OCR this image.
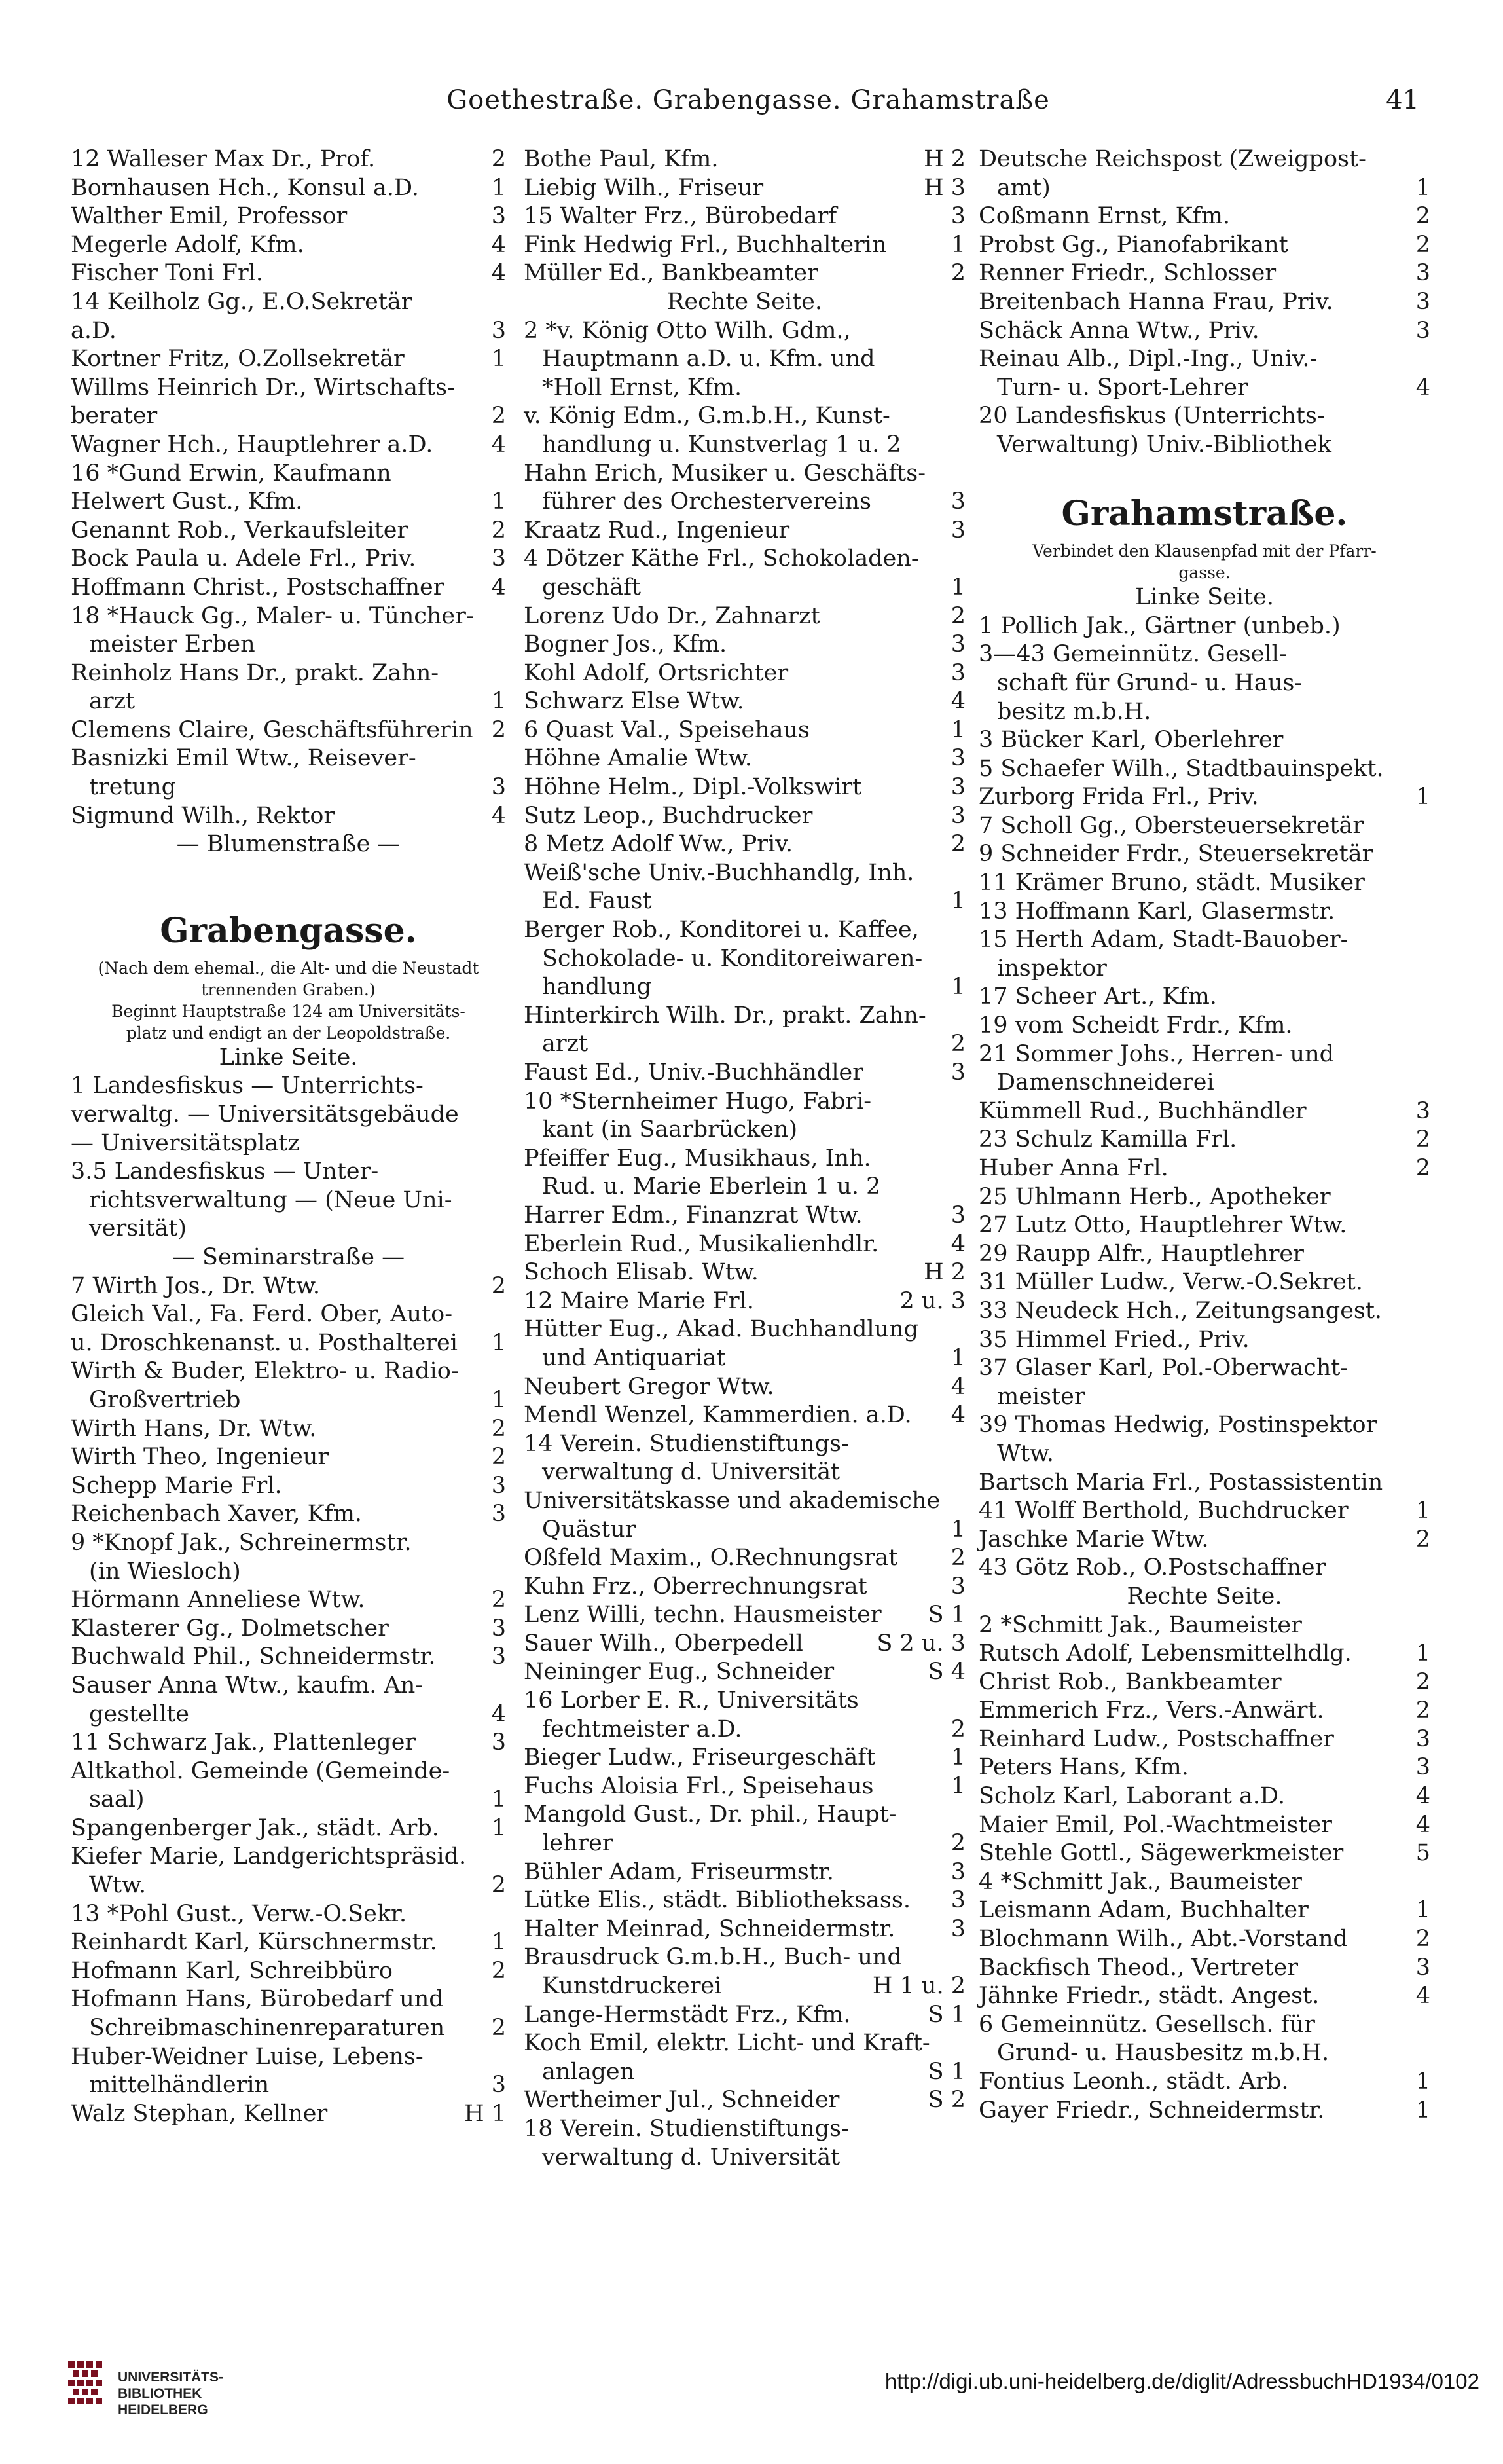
Goethestraße. Grabengasse. Grahamstraße	41
12 Walleser Max Dr., Prof.	2
Bornhausen Hch., Konsul a.D.	1
Walther Emil, Professor	3
Megerle Adolf, Kfm.	4
Fischer Toni Frl.	4
14 Keilholz Gg., E.O.Sekretär
a.D.	3
Kortner Fritz, O.Zollsekretär	1
Willms Heinrich Dr., Wirtschafts-
berater	2
Wagner Hch., Hauptlehrer a.D.	4
16 *Gund Erwin, Kaufmann
Helwert Gust., Kfm.	1
Genannt Rob., Verkaufsleiter	2
Bock Paula u. Adele Frl., Priv.	3
Hoffmann Christ., Postschaffner 4
18 *Hauck Gg., Maler- u. Tüncher-
meister Erben
Reinholz Hans Dr., prakt. Zahn-
arzt	1
Clemens Claire, Geschäftsführerin 2
Basnizki Emil Wtw., Reisever-
tretung	3
Sigmund Wilh., Rektor	4
— Blumenstraße —
Grabengasse.
(Nach dem ehemal., die Alt- und die Neustadt
trennenden Graben.)
Beginnt Hauptstraße 124 am Universitäts-
platz und endigt an der Leopoldstraße.
Linke Seite.
1 Landesfiskus — Unterrichts-
verwaltg. — Universitätsgebäude
— Universitätsplatz
3.5 Landesfiskus — Unter-
richtsverwaltung — (Neue Uni-
versität)
— Seminarstraße —
7 Wirth Jos., Dr. Wtw.	2
Gleich Val., Fa. Ferd. Ober, Auto-
u. Droschkenanst. u. Posthalterei 1
Wirth & Buder, Elektro- u. Radio-
Großvertrieb	1
Wirth Hans, Dr. Wtw.	2
Wirth Theo, Ingenieur	2
Schepp Marie Frl.	3
Reichenbach Xaver, Kfm.	3
9 *Knopf Jak., Schreinermstr.
(in Wiesloch)
Hörmann Anneliese Wtw.	2
Klasterer Gg., Dolmetscher	3
Buchwald Phil., Schneidermstr. 3
Sauser Anna Wtw., kaufm. An-
gestellte	4
11 Schwarz Jak., Plattenleger	3
Altkathol. Gemeinde (Gemeinde-
saal)	1
Spangenberger Jak., städt. Arb. 1
Kiefer Marie, Landgerichtspräsid.
Wtw.	2
13 *Pohl Gust., Verw.-O.Sekr.
Reinhardt Karl, Kürschnermstr. 1
Hofmann Karl, Schreibbüro	2
Hofmann Hans, Bürobedarf und
Schreibmaschinenreparaturen 2
Huber-Weidner Luise, Lebens-
mittelhändlerin	3
Walz Stephan, Kellner	H 1
Bothe Paul, Kfm.	H 2
Liebig Wilh., Friseur	H 3
15 Walter Frz., Bürobedarf	3
Fink Hedwig Frl., Buchhalterin	1
Müller Ed., Bankbeamter	2
Rechte Seite.
2 *v. König Otto Wilh. Gdm.,
Hauptmann a.D. u. Kfm. und
*Holl Ernst, Kfm.
v. König Edm., G.m.b.H., Kunst-
handlung u. Kunstverlag 1 u. 2
Hahn Erich, Musiker u. Geschäfts-
führer des Orchestervereins	3
Kraatz Rud., Ingenieur	3
4 Dötzer Käthe Frl., Schokoladen-
geschäft	1
Lorenz Udo Dr., Zahnarzt	2
Bogner Jos., Kfm.	3
Kohl Adolf, Ortsrichter	3
Schwarz Else Wtw.	4
6 Quast Val., Speisehaus	1
Höhne Amalie Wtw.	3
Höhne Helm., Dipl.-Volkswirt	3
Sutz Leop., Buchdrucker	3
8 Metz Adolf Ww., Priv.	2
Weiß'sche Univ.-Buchhandlg, Inh.
Ed. Faust	1
Berger Rob., Konditorei u. Kaffee,
Schokolade- u. Konditoreiwaren-
handlung	1
Hinterkirch Wilh. Dr., prakt. Zahn-
arzt	2
Faust Ed., Univ.-Buchhändler	3
10 *Sternheimer Hugo, Fabri-
kant (in Saarbrücken)
Pfeiffer Eug., Musikhaus, Inh.
Rud. u. Marie Eberlein 1 u. 2
Harrer Edm., Finanzrat Wtw.	3
Eberlein Rud., Musikalienhdlr.	4
Schoch Elisab. Wtw.	H 2
12 Maire Marie Frl.	2 u. 3
Hütter Eug., Akad. Buchhandlung
und Antiquariat	1
Neubert Gregor Wtw.	4
Mendl Wenzel, Kammerdien. a.D. 4
14 Verein. Studienstiftungs-
verwaltung d. Universität
Universitätskasse und akademische
Quästur	1
Oßfeld Maxim., O.Rechnungsrat 2
Kuhn Frz., Oberrechnungsrat	3
Lenz Willi, techn. Hausmeister S 1
Sauer Wilh., Oberpedell	S 2 u. 3
Neininger Eug., Schneider	S 4
16 Lorber E. R., Universitäts
fechtmeister a.D.	2
Bieger Ludw., Friseurgeschäft	1
Fuchs Aloisia Frl., Speisehaus	1
Mangold Gust., Dr. phil., Haupt-
lehrer	2
Bühler Adam, Friseurmstr.	3
Lütke Elis., städt. Bibliotheksass. 3
Halter Meinrad, Schneidermstr. 3
Brausdruck G.m.b.H., Buch- und
Kunstdruckerei	H 1 u. 2
Lange-Hermstädt Frz., Kfm.	S 1
Koch Emil, elektr. Licht- und Kraft-
anlagen	S 1
Wertheimer Jul., Schneider	S 2
18 Verein. Studienstiftungs-
verwaltung d. Universität
Deutsche Reichspost (Zweigpost-
amt)	1
Coßmann Ernst, Kfm.	2
Probst Gg., Pianofabrikant	2
Renner Friedr., Schlosser	3
Breitenbach Hanna Frau, Priv.	3
Schäck Anna Wtw., Priv.	3
Reinau Alb., Dipl.-Ing., Univ.-
Turn- u. Sport-Lehrer	4
20 Landesfiskus (Unterrichts-
Verwaltung) Univ.-Bibliothek
Grahamstraße.
Verbindet den Klausenpfad mit der Pfarr-
gasse.
Linke Seite.
1 Pollich Jak., Gärtner (unbeb.)
3—43 Gemeinnütz. Gesell-
schaft für Grund- u. Haus-
besitz m.b.H.
3 Bücker Karl, Oberlehrer
5 Schaefer Wilh., Stadtbauinspekt.
Zurborg Frida Frl., Priv.	1
7 Scholl Gg., Obersteuersekretär
9 Schneider Frdr., Steuersekretär
11 Krämer Bruno, städt. Musiker
13 Hoffmann Karl, Glasermstr.
15 Herth Adam, Stadt-Bauober-
inspektor
17 Scheer Art., Kfm.
19 vom Scheidt Frdr., Kfm.
21 Sommer Johs., Herren- und
Damenschneiderei
Kümmell Rud., Buchhändler	3
23 Schulz Kamilla Frl.	2
Huber Anna Frl.	2
25 Uhlmann Herb., Apotheker
27 Lutz Otto, Hauptlehrer Wtw.
29 Raupp Alfr., Hauptlehrer
31 Müller Ludw., Verw.-O.Sekret.
33 Neudeck Hch., Zeitungsangest.
35 Himmel Fried., Priv.
37 Glaser Karl, Pol.-Oberwacht-
meister
39 Thomas Hedwig, Postinspektor
Wtw.
Bartsch Maria Frl., Postassistentin
41 Wolff Berthold, Buchdrucker	1
Jaschke Marie Wtw.	2
43 Götz Rob., O.Postschaffner
Rechte Seite.
2 *Schmitt Jak., Baumeister
Rutsch Adolf, Lebensmittelhdlg.	1
Christ Rob., Bankbeamter	2
Emmerich Frz., Vers.-Anwärt.	2
Reinhard Ludw., Postschaffner	3
Peters Hans, Kfm.	3
Scholz Karl, Laborant a.D.	4
Maier Emil, Pol.-Wachtmeister	4
Stehle Gottl., Sägewerkmeister	5
4 *Schmitt Jak., Baumeister
Leismann Adam, Buchhalter	1
Blochmann Wilh., Abt.-Vorstand	2
Backfisch Theod., Vertreter	3
Jähnke Friedr., städt. Angest.	4
6 Gemeinnütz. Gesellsch. für
Grund- u. Hausbesitz m.b.H.
Fontius Leonh., städt. Arb.	1
Gayer Friedr., Schneidermstr.	1
UNIVERSITÄTS-
BIBLIOTHEK
HEIDELBERG
http://digi.ub.uni-heidelberg.de/diglit/AdressbuchHD1934/0102
